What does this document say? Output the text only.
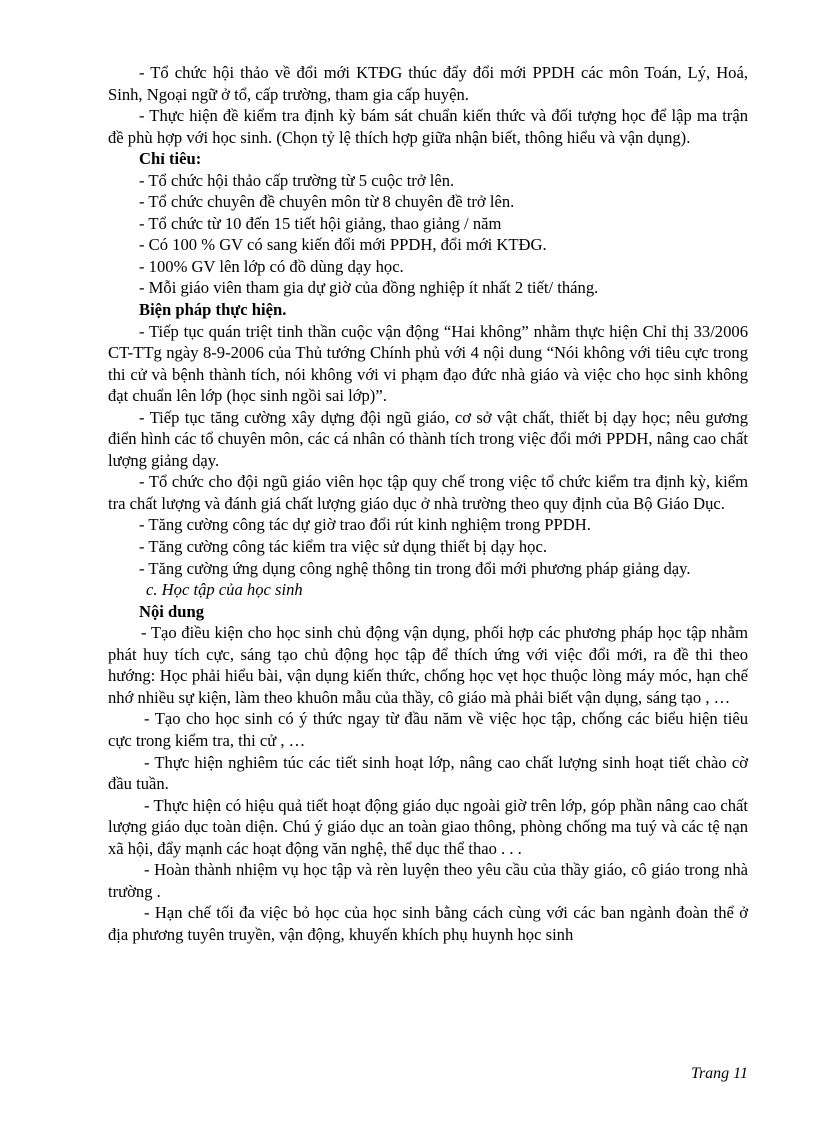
- Tổ chức hội thảo về đổi mới KTĐG thúc đẩy đổi mới PPDH các môn Toán, Lý, Hoá, Sinh, Ngoại ngữ ở tổ, cấp trường, tham gia cấp huyện.

- Thực hiện đề kiểm tra định kỳ bám sát chuẩn kiến thức và đối tượng học để lập ma trận đề phù hợp với học sinh. (Chọn tỷ lệ thích hợp giữa nhận biết, thông hiểu và vận dụng).

Chỉ tiêu:

- Tổ chức hội thảo cấp trường từ 5 cuộc trở lên.

- Tổ chức chuyên đề chuyên môn từ 8 chuyên đề trở lên.

- Tổ chức từ 10 đến 15 tiết hội giảng, thao giảng / năm

- Có 100 % GV có sang kiến đổi mới PPDH, đổi mới KTĐG.

- 100% GV lên lớp có đồ dùng dạy học.

- Mỗi giáo viên tham gia dự giờ của đồng nghiệp ít nhất 2 tiết/ tháng.

Biện pháp thực hiện.

- Tiếp tục quán triệt tinh thần cuộc vận động “Hai không” nhằm thực hiện Chỉ thị 33/2006 CT-TTg ngày 8-9-2006 của Thủ tướng Chính phủ với 4 nội dung “Nói không với tiêu cực trong thi cử và bệnh thành tích, nói không với vi phạm đạo đức nhà giáo và việc cho học sinh không đạt chuẩn lên lớp (học sinh ngồi sai lớp)”.

- Tiếp tục tăng cường xây dựng đội ngũ giáo, cơ sở vật chất, thiết bị dạy học; nêu gương điển hình các tổ chuyên môn, các cá nhân có thành tích trong việc đổi mới PPDH, nâng cao chất lượng giảng dạy.

- Tổ chức cho đội ngũ giáo viên học tập quy chế trong việc tổ chức kiểm tra định kỳ, kiểm tra chất lượng và đánh giá chất lượng giáo dục ở nhà trường theo quy định của Bộ Giáo Dục.

- Tăng cường công tác dự giờ trao đổi rút kinh nghiệm trong PPDH.

- Tăng cường công tác kiểm tra việc sử dụng thiết bị dạy học.

- Tăng cường ứng dụng công nghệ thông tin trong đổi mới phương pháp giảng dạy.

c. Học tập của học sinh

Nội dung

- Tạo điều kiện cho học sinh chủ động vận dụng, phối hợp các phương pháp học tập nhằm phát huy tích cực, sáng tạo chủ động học tập để thích ứng với việc đổi mới, ra đề thi theo hướng: Học phải hiểu bài, vận dụng kiến thức, chống học vẹt học thuộc lòng máy móc, hạn chế nhớ nhiều sự kiện, làm theo khuôn mẫu của thầy, cô giáo mà phải biết vận dụng, sáng tạo , …

- Tạo cho học sinh có ý thức ngay từ đầu năm về việc học tập, chống các biểu hiện tiêu cực trong kiểm tra, thi cử , …

- Thực hiện nghiêm túc các tiết sinh hoạt lớp, nâng cao chất lượng sinh hoạt tiết chào cờ đầu tuần.

- Thực hiện có hiệu quả tiết hoạt động giáo dục ngoài giờ trên lớp, góp phần nâng cao chất lượng giáo dục toàn diện. Chú ý giáo dục an toàn giao thông, phòng chống ma tuý và các tệ nạn xã hội, đẩy mạnh các hoạt động văn nghệ, thể dục thể thao . . .

- Hoàn thành nhiệm vụ học tập và rèn luyện theo yêu cầu của thầy giáo, cô giáo trong nhà trường .

- Hạn chế tối đa việc bỏ học của học sinh bằng cách cùng với các ban ngành đoàn thể ở địa phương tuyên truyền, vận động, khuyến khích phụ huynh học sinh

Trang 11
